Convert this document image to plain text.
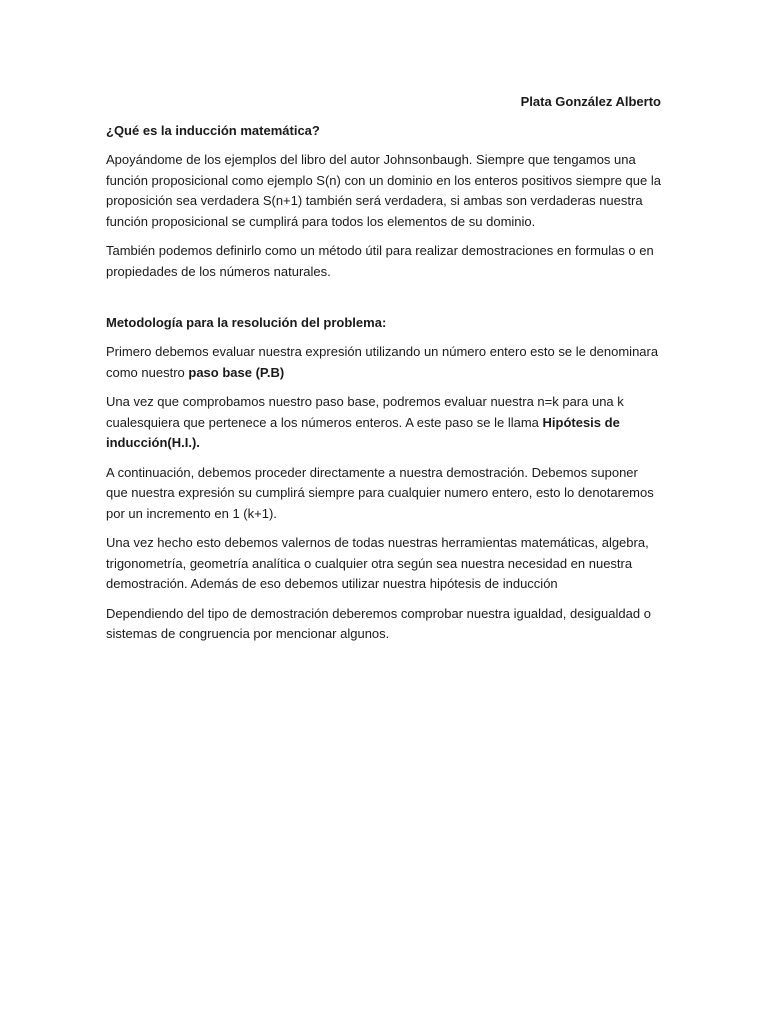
Plata González Alberto
¿Qué es la inducción matemática?

Apoyándome de los ejemplos del libro del autor Johnsonbaugh. Siempre que tengamos una función proposicional como ejemplo S(n) con un dominio en los enteros positivos siempre que la proposición sea verdadera S(n+1) también será verdadera, si ambas son verdaderas nuestra función proposicional se cumplirá para todos los elementos de su dominio.

También podemos definirlo como un método útil para realizar demostraciones en formulas o en propiedades de los números naturales.

Metodología para la resolución del problema:

Primero debemos evaluar nuestra expresión utilizando un número entero esto se le denominara como nuestro paso base (P.B)

Una vez que comprobamos nuestro paso base, podremos evaluar nuestra n=k para una k cualesquiera que pertenece a los números enteros. A este paso se le llama Hipótesis de inducción(H.I.).

A continuación, debemos proceder directamente a nuestra demostración. Debemos suponer que nuestra expresión su cumplirá siempre para cualquier numero entero, esto lo denotaremos por un incremento en 1 (k+1).

Una vez hecho esto debemos valernos de todas nuestras herramientas matemáticas, algebra, trigonometría, geometría analítica o cualquier otra según sea nuestra necesidad en nuestra demostración. Además de eso debemos utilizar nuestra hipótesis de inducción

Dependiendo del tipo de demostración deberemos comprobar nuestra igualdad, desigualdad o sistemas de congruencia por mencionar algunos.
